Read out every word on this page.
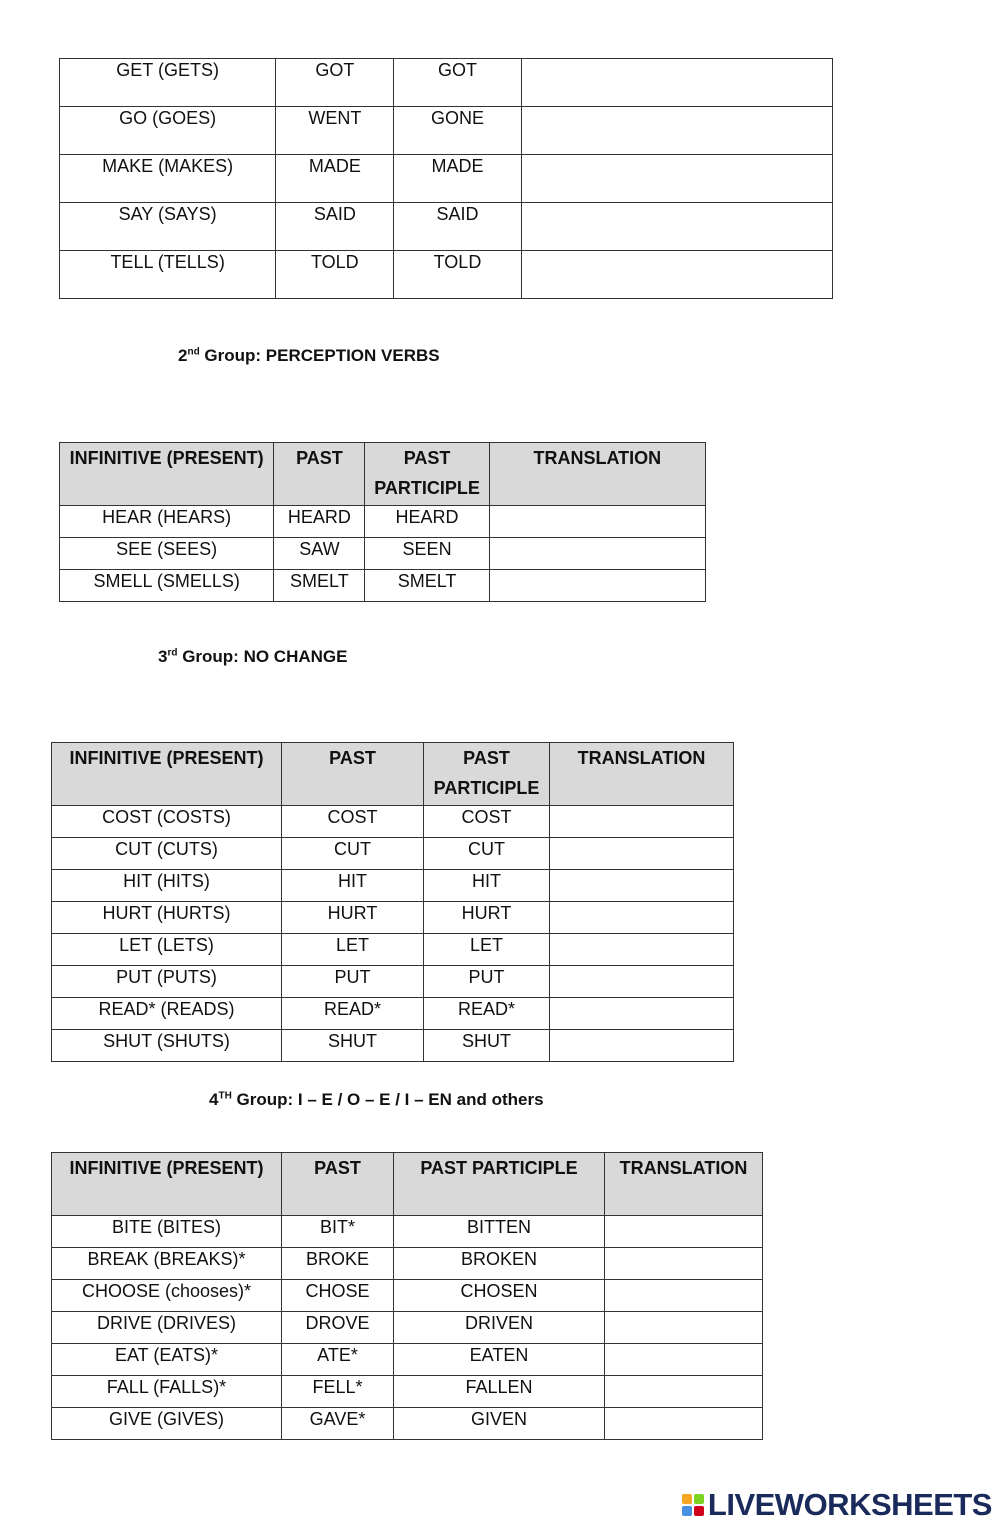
GET (GETS)	GOT	GOT	
GO (GOES)	WENT	GONE	
MAKE (MAKES)	MADE	MADE	
SAY (SAYS)	SAID	SAID	
TELL (TELLS)	TOLD	TOLD	
2nd Group: PERCEPTION VERBS
INFINITIVE (PRESENT)	PAST	PAST PARTICIPLE	TRANSLATION
HEAR (HEARS)	HEARD	HEARD	
SEE (SEES)	SAW	SEEN	
SMELL (SMELLS)	SMELT	SMELT	
3rd Group: NO CHANGE
INFINITIVE (PRESENT)	PAST	PAST PARTICIPLE	TRANSLATION
COST (COSTS)	COST	COST	
CUT (CUTS)	CUT	CUT	
HIT (HITS)	HIT	HIT	
HURT (HURTS)	HURT	HURT	
LET (LETS)	LET	LET	
PUT (PUTS)	PUT	PUT	
READ* (READS)	READ*	READ*	
SHUT (SHUTS)	SHUT	SHUT	
4TH Group: I – E / O – E / I – EN and others
INFINITIVE (PRESENT)	PAST	PAST PARTICIPLE	TRANSLATION
BITE (BITES)	BIT*	BITTEN	
BREAK (BREAKS)*	BROKE	BROKEN	
CHOOSE (chooses)*	CHOSE	CHOSEN	
DRIVE (DRIVES)	DROVE	DRIVEN	
EAT (EATS)*	ATE*	EATEN	
FALL (FALLS)*	FELL*	FALLEN	
GIVE (GIVES)	GAVE*	GIVEN	
LIVEWORKSHEETS
